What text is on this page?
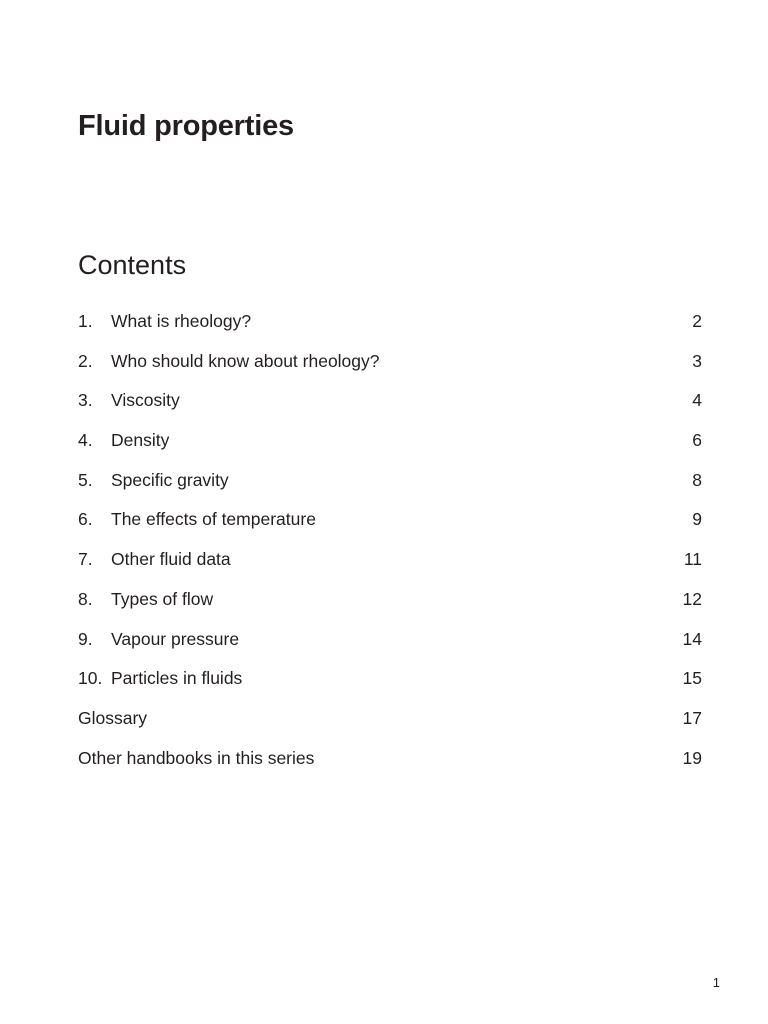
Fluid properties
Contents
1. What is rheology?	2
2. Who should know about rheology?	3
3. Viscosity	4
4. Density	6
5. Specific gravity	8
6. The effects of temperature	9
7. Other fluid data	11
8. Types of flow	12
9. Vapour pressure	14
10. Particles in fluids	15
Glossary	17
Other handbooks in this series	19
1
